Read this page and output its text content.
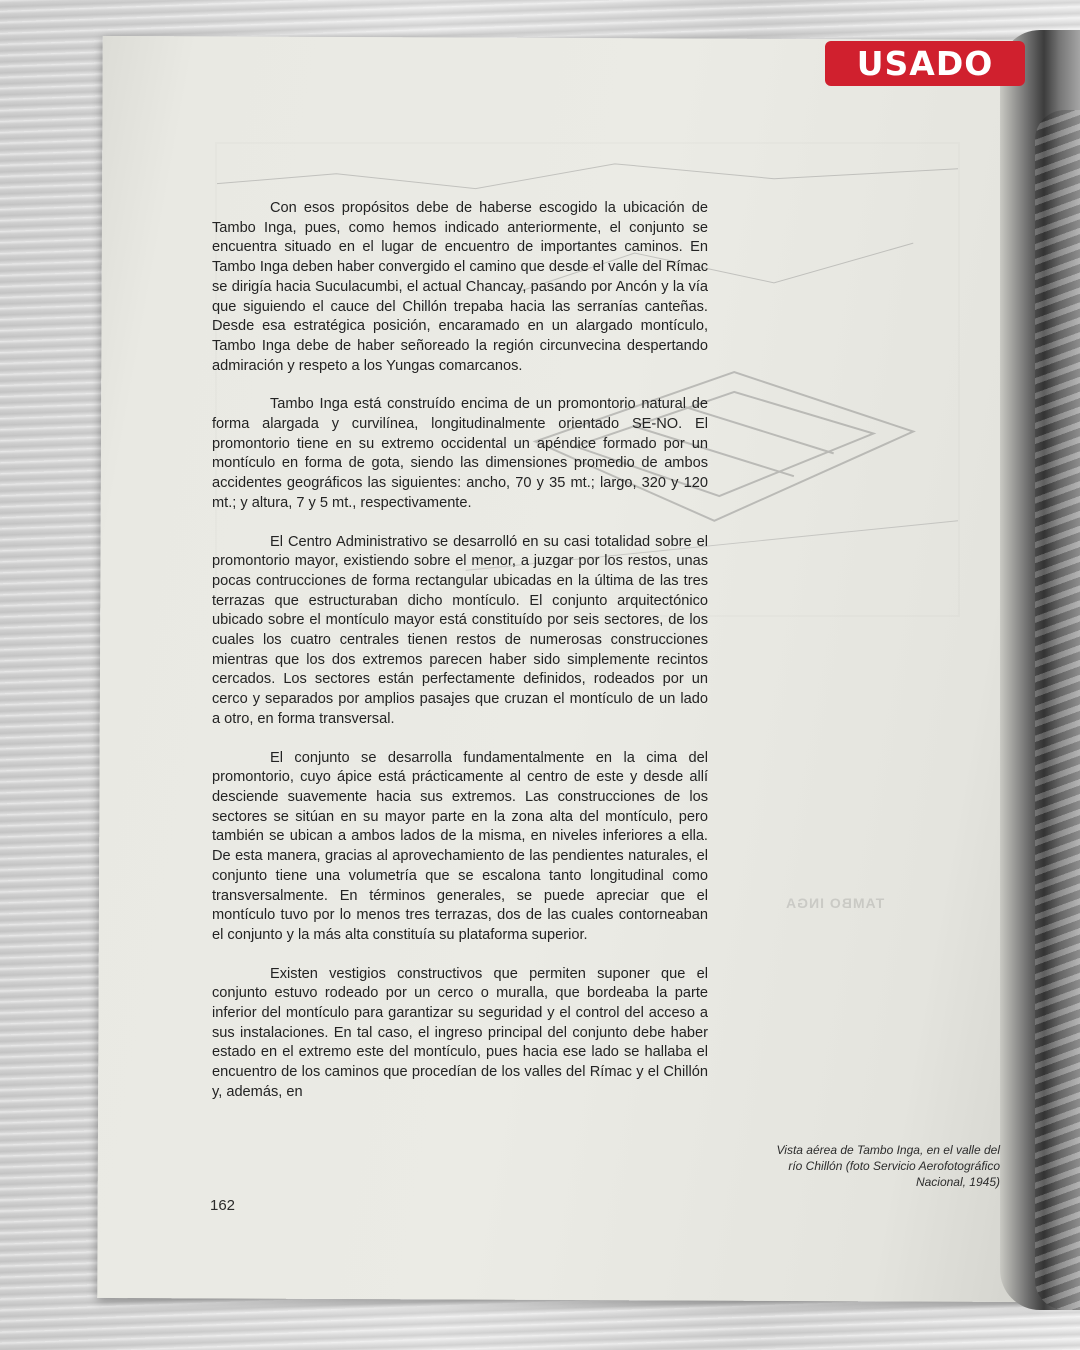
TAMBO INGA

Con esos propósitos debe de haberse escogido la ubicación de Tambo Inga, pues, como hemos indicado anteriormente, el conjunto se encuentra situado en el lugar de encuentro de importantes caminos. En Tambo Inga deben haber convergido el camino que desde el valle del Rímac se dirigía hacia Suculacumbi, el actual Chancay, pasando por Ancón y la vía que siguiendo el cauce del Chillón trepaba hacia las serranías canteñas. Desde esa estratégica posición, encaramado en un alargado montículo, Tambo Inga debe de haber señoreado la región circunvecina despertando admiración y respeto a los Yungas comarcanos.

Tambo Inga está construído encima de un promontorio natural de forma alargada y curvilínea, longitudinalmente orientado SE-NO. El promontorio tiene en su extremo occidental un apéndice formado por un montículo en forma de gota, siendo las dimensiones promedio de ambos accidentes geográficos las siguientes: ancho, 70 y 35 mt.; largo, 320 y 120 mt.; y altura, 7 y 5 mt., respectivamente.

El Centro Administrativo se desarrolló en su casi totalidad sobre el promontorio mayor, existiendo sobre el menor, a juzgar por los restos, unas pocas contrucciones de forma rectangular ubicadas en la última de las tres terrazas que estructuraban dicho montículo. El conjunto arquitectónico ubicado sobre el montículo mayor está constituído por seis sectores, de los cuales los cuatro centrales tienen restos de numerosas construcciones mientras que los dos extremos parecen haber sido simplemente recintos cercados. Los sectores están perfectamente definidos, rodeados por un cerco y separados por amplios pasajes que cruzan el montículo de un lado a otro, en forma transversal.

El conjunto se desarrolla fundamentalmente en la cima del promontorio, cuyo ápice está prácticamente al centro de este y desde allí desciende suavemente hacia sus extremos. Las construcciones de los sectores se sitúan en su mayor parte en la zona alta del montículo, pero también se ubican a ambos lados de la misma, en niveles inferiores a ella. De esta manera, gracias al aprovechamiento de las pendientes naturales, el conjunto tiene una volumetría que se escalona tanto longitudinal como transversalmente. En términos generales, se puede apreciar que el montículo tuvo por lo menos tres terrazas, dos de las cuales contorneaban el conjunto y la más alta constituía su plataforma superior.

Existen vestigios constructivos que permiten suponer que el conjunto estuvo rodeado por un cerco o muralla, que bordeaba la parte inferior del montículo para garantizar su seguridad y el control del acceso a sus instalaciones. En tal caso, el ingreso principal del conjunto debe haber estado en el extremo este del montículo, pues hacia ese lado se hallaba el encuentro de los caminos que procedían de los valles del Rímac y el Chillón y, además, en

Vista aérea de Tambo Inga, en el valle del río Chillón (foto Servicio Aerofotográfico Nacional, 1945)
162
USADO
